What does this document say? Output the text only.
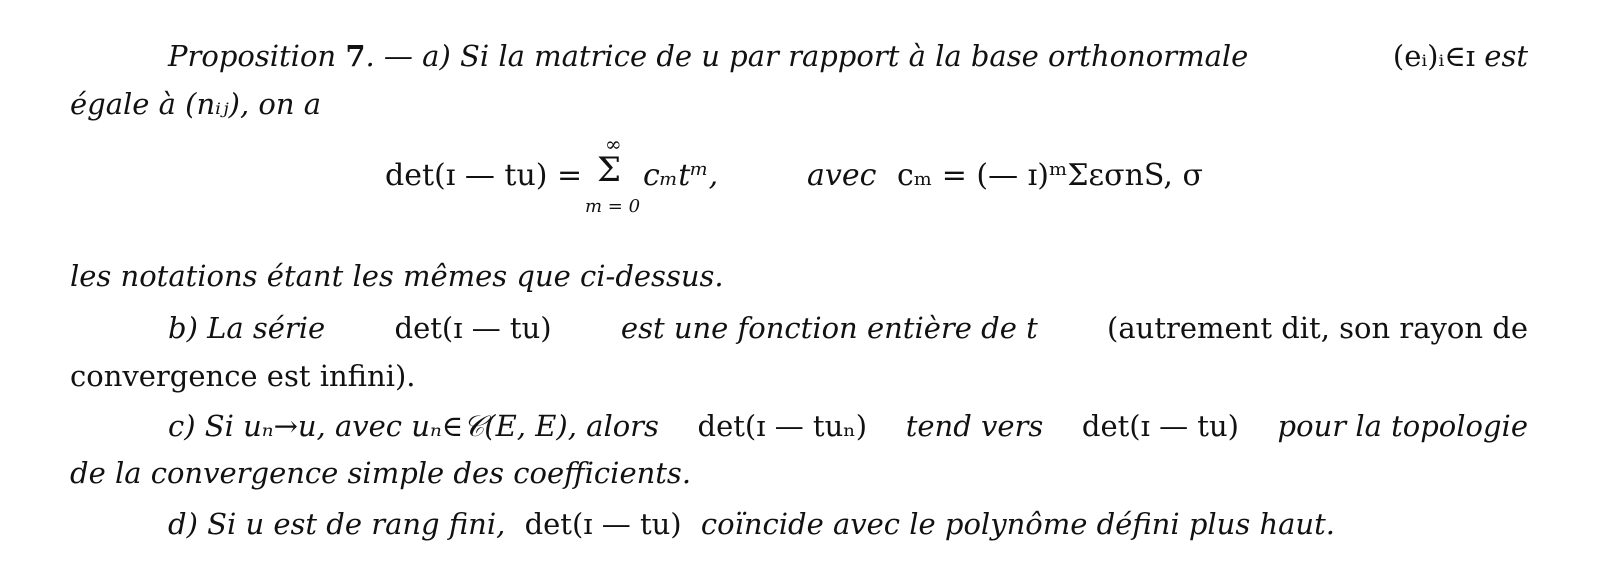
Proposition 7. — a) Si la matrice de u par rapport à la base orthonormale	(eᵢ)ᵢ∈ɪ est
égale à (nᵢⱼ), on a
det(ɪ — tu) =
∞
Σ
m = 0
cₘtᵐ,	avec cₘ = (— ɪ)ᵐΣεσnS, σ
les notations étant les mêmes que ci-dessus.
b) La série det(ɪ — tu) est une fonction entière de t (autrement dit, son rayon de
convergence est infini).
c) Si uₙ→u, avec uₙ∈𝒞(E, E), alors det(ɪ — tuₙ) tend vers det(ɪ — tu) pour la topologie
de la convergence simple des coefficients.
d) Si u est de rang fini, det(ɪ — tu) coïncide avec le polynôme défini plus haut.
